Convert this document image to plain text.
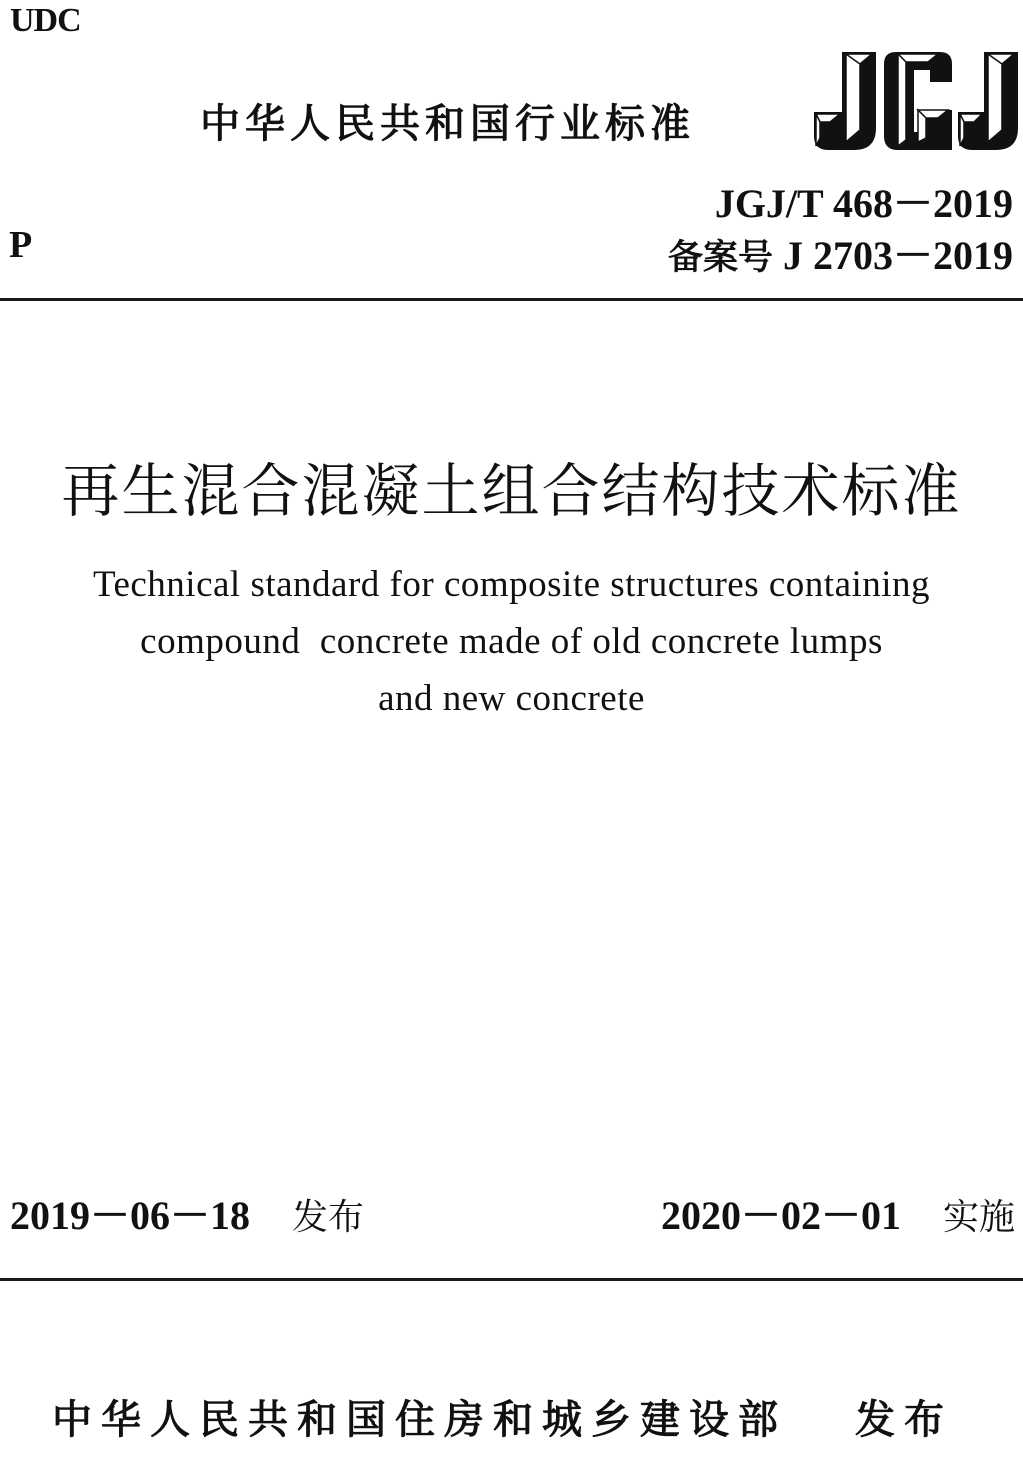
UDC
中华人民共和国行业标准
JGJ/T 468－2019
P	备案号 J 2703－2019
再生混合混凝土组合结构技术标准
Technical standard for composite structures containing
compound  concrete made of old concrete lumps
and new concrete
2019－06－18 发布	2020－02－01 实施
中华人民共和国住房和城乡建设部 发布
